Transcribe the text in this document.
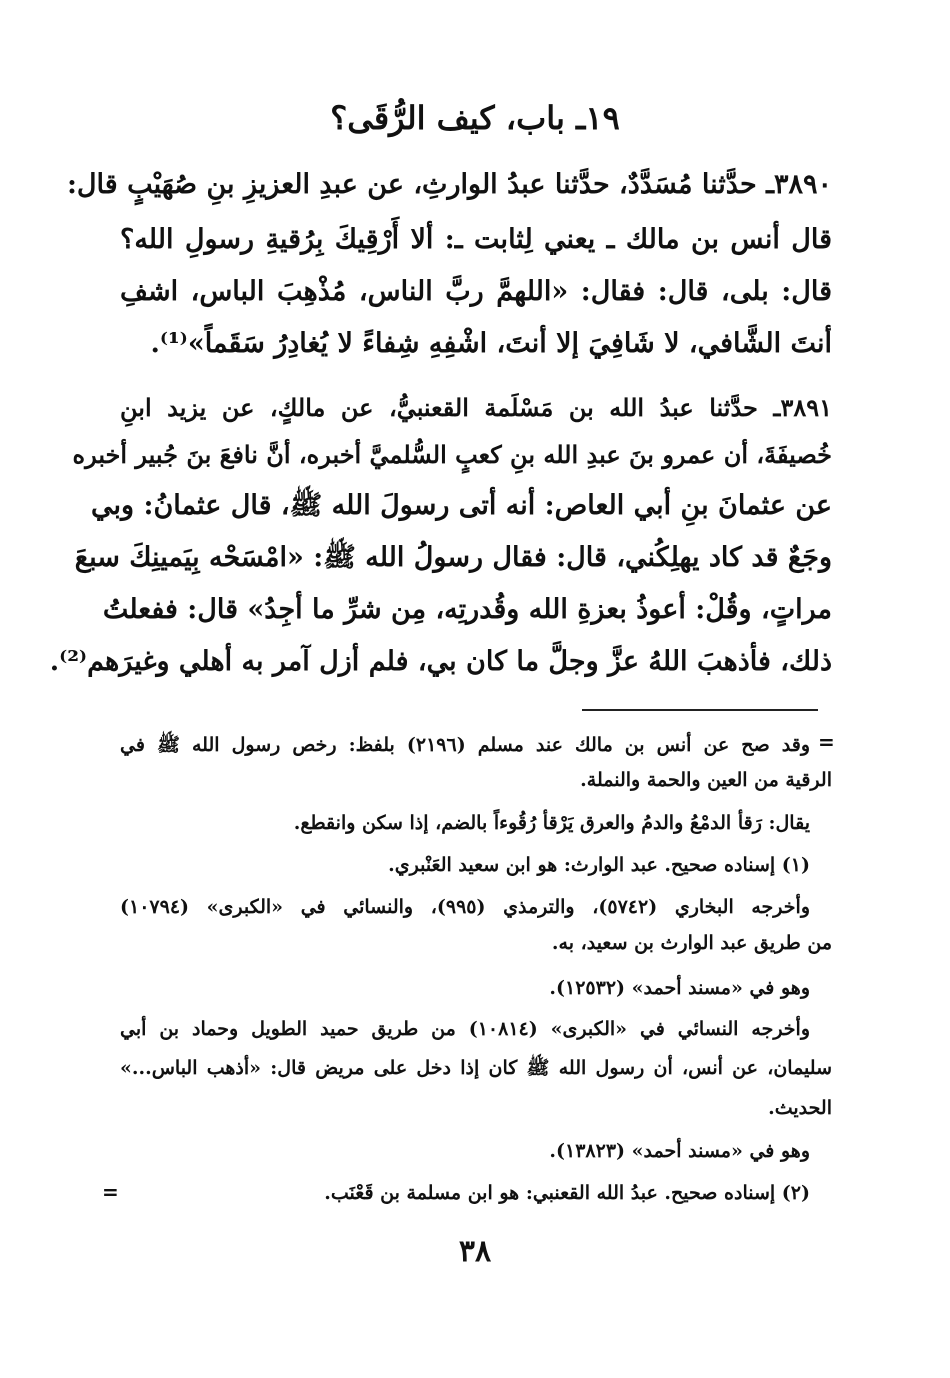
١٩ـ باب، كيف الرُّقَى؟
٣٨٩٠ـ حدَّثنا مُسَدَّدٌ، حدَّثنا عبدُ الوارثِ، عن عبدِ العزيزِ بنِ صُهَيْبٍ قال:
قال أنس بن مالك ـ يعني لِثابت ـ: ألا أَرْقِيكَ بِرُقيةِ رسولِ الله؟
قال: بلى، قال: فقال: «اللهمَّ ربَّ الناس، مُذْهِبَ الباس، اشفِ
أنتَ الشَّافي، لا شَافِيَ إلا أنتَ، اشْفِهِ شِفاءً لا يُغادِرُ سَقَماً»⁽¹⁾.
٣٨٩١ـ حدَّثنا عبدُ الله بن مَسْلَمة القعنبيُّ، عن مالكٍ، عن يزيد ابنِ
خُصيفَةَ، أن عمرو بنَ عبدِ الله بنِ كعبٍ السُّلميَّ أخبره، أنَّ نافعَ بنَ جُبير أخبره
عن عثمانَ بنِ أبي العاص: أنه أتى رسولَ الله ﷺ، قال عثمانُ: وبي
وجَعٌ قد كاد يهلِكُني، قال: فقال رسولُ الله ﷺ: «امْسَحْه بِيَمينِكَ سبعَ
مراتٍ، وقُلْ: أعوذُ بعزةِ الله وقُدرتِه، مِن شرِّ ما أجِدُ» قال: ففعلتُ
ذلك، فأذهبَ اللهُ عزَّ وجلَّ ما كان بي، فلم أزل آمر به أهلي وغيرَهم⁽²⁾.
=
وقد صح عن أنس بن مالك عند مسلم (٢١٩٦) بلفظ: رخص رسول الله ﷺ في
الرقية من العين والحمة والنملة.
يقال: رَقأ الدمْعُ والدمُ والعرق يَرْقأ رُقُوءاً بالضم، إذا سكن وانقطع.
(١) إسناده صحيح. عبد الوارث: هو ابن سعيد العَنْبري.
وأخرجه البخاري (٥٧٤٢)، والترمذي (٩٩٥)، والنسائي في «الكبرى» (١٠٧٩٤)
من طريق عبد الوارث بن سعيد، به.
وهو في «مسند أحمد» (١٢٥٣٢).
وأخرجه النسائي في «الكبرى» (١٠٨١٤) من طريق حميد الطويل وحماد بن أبي
سليمان، عن أنس، أن رسول الله ﷺ كان إذا دخل على مريض قال: «أذهب الباس...»
الحديث.
وهو في «مسند أحمد» (١٣٨٢٣).
(٢) إسناده صحيح. عبدُ الله القعنبي: هو ابن مسلمة بن قَعْنَب.
=
٣٨
